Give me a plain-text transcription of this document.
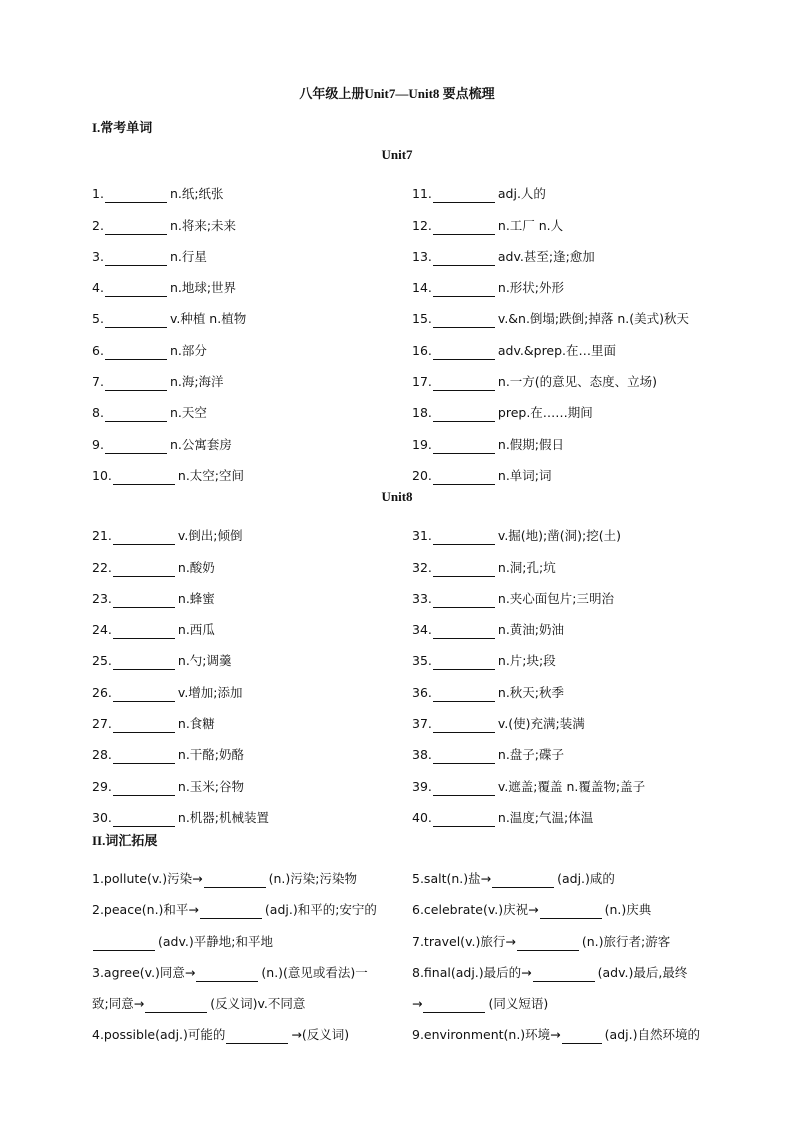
八年级上册Unit7—Unit8 要点梳理
I.常考单词
Unit7
1.	n.纸;纸张	11.	adj.人的
2.	n.将来;未来	12.	n.工厂 n.人
3.	n.行星	13.	adv.甚至;逢;愈加
4.	n.地球;世界	14.	n.形状;外形
5.	v.种植 n.植物	15.	v.&n.倒塌;跌倒;掉落 n.(美式)秋天
6.	n.部分	16.	adv.&prep.在…里面
7.	n.海;海洋	17.	n.一方(的意见、态度、立场)
8.	n.天空	18.	prep.在……期间
9.	n.公寓套房	19.	n.假期;假日
10.	n.太空;空间	20.	n.单词;词
Unit8
21.	v.倒出;倾倒	31.	v.掘(地);凿(洞);挖(土)
22.	n.酸奶	32.	n.洞;孔;坑
23.	n.蜂蜜	33.	n.夹心面包片;三明治
24.	n.西瓜	34.	n.黄油;奶油
25.	n.勺;调羹	35.	n.片;块;段
26.	v.增加;添加	36.	n.秋天;秋季
27.	n.食糖	37.	v.(使)充满;装满
28.	n.干酪;奶酪	38.	n.盘子;碟子
29.	n.玉米;谷物	39.	v.遮盖;覆盖 n.覆盖物;盖子
30.	n.机器;机械装置	40.	n.温度;气温;体温
II.词汇拓展
1.pollute(v.)污染→	(n.)污染;污染物	5.salt(n.)盐→	(adj.)咸的
2.peace(n.)和平→	(adj.)和平的;安宁的	6.celebrate(v.)庆祝→	(n.)庆典
(adv.)平静地;和平地	7.travel(v.)旅行→	(n.)旅行者;游客
3.agree(v.)同意→	(n.)(意见或看法)一	8.final(adj.)最后的→	(adv.)最后,最终
致;同意→	(反义词)v.不同意	→	(同义短语)
4.possible(adj.)可能的	→(反义词)	9.environment(n.)环境→	(adj.)自然环境的
